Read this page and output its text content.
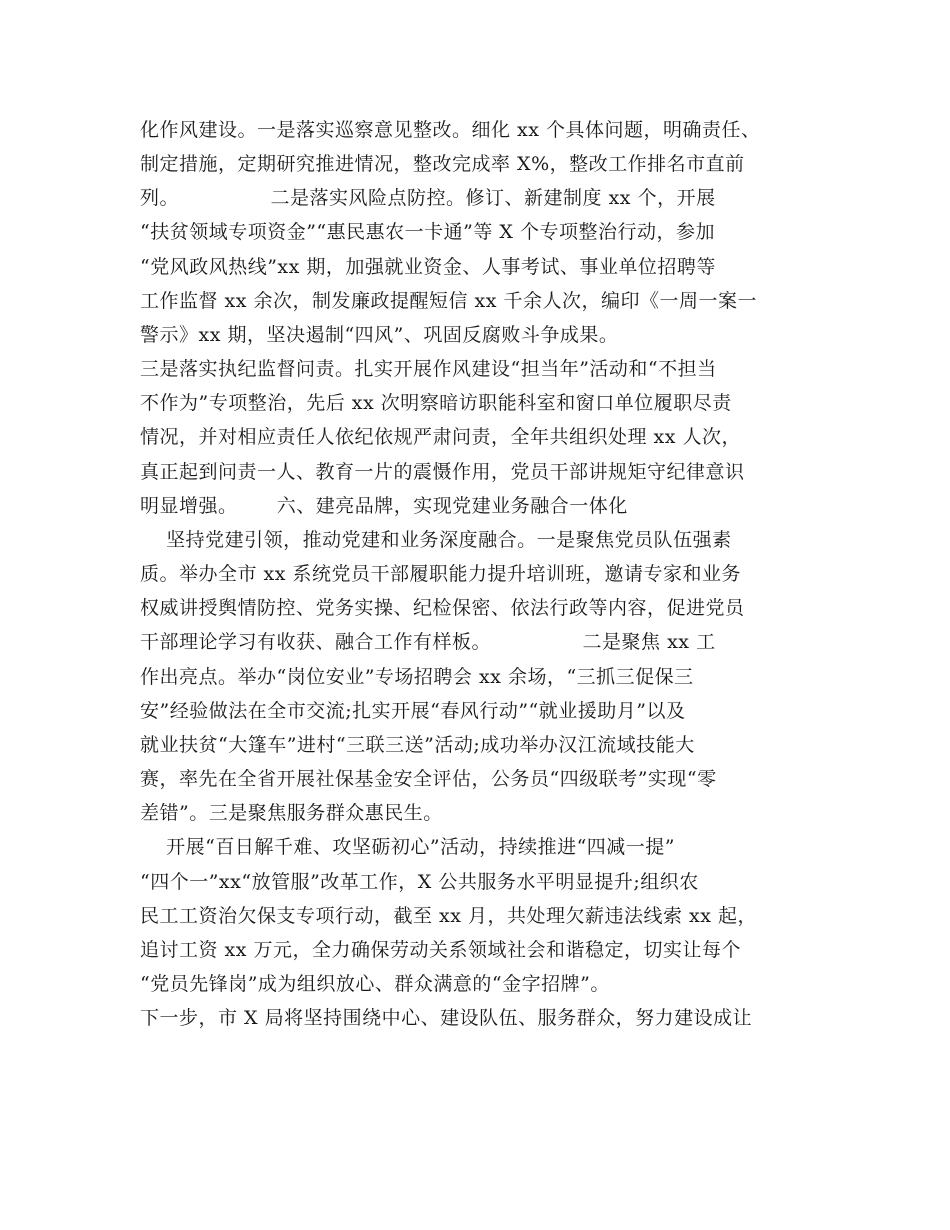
化作风建设。一是落实巡察意见整改。细化 xx 个具体问题，明确责任、
制定措施，定期研究推进情况，整改完成率 X%，整改工作排名市直前
列。              二是落实风险点防控。修订、新建制度 xx 个，开展
“扶贫领域专项资金”“惠民惠农一卡通”等 X 个专项整治行动，参加
“党风政风热线”xx 期，加强就业资金、人事考试、事业单位招聘等
工作监督 xx 余次，制发廉政提醒短信 xx 千余人次，编印《一周一案一
警示》xx 期，坚决遏制“四风”、巩固反腐败斗争成果。
三是落实执纪监督问责。扎实开展作风建设“担当年”活动和“不担当
不作为”专项整治，先后 xx 次明察暗访职能科室和窗口单位履职尽责
情况，并对相应责任人依纪依规严肃问责，全年共组织处理 xx 人次，
真正起到问责一人、教育一片的震慑作用，党员干部讲规矩守纪律意识
明显增强。      六、建亮品牌，实现党建业务融合一体化
坚持党建引领，推动党建和业务深度融合。一是聚焦党员队伍强素
质。举办全市 xx 系统党员干部履职能力提升培训班，邀请专家和业务
权威讲授舆情防控、党务实操、纪检保密、依法行政等内容，促进党员
干部理论学习有收获、融合工作有样板。              二是聚焦 xx 工
作出亮点。举办“岗位安业”专场招聘会 xx 余场，“三抓三促保三
安”经验做法在全市交流;扎实开展“春风行动”“就业援助月”以及
就业扶贫“大篷车”进村“三联三送”活动;成功举办汉江流域技能大
赛，率先在全省开展社保基金安全评估，公务员“四级联考”实现“零
差错”。三是聚焦服务群众惠民生。
开展“百日解千难、攻坚砺初心”活动，持续推进“四减一提”
“四个一”xx“放管服”改革工作，X 公共服务水平明显提升;组织农
民工工资治欠保支专项行动，截至 xx 月，共处理欠薪违法线索 xx 起，
追讨工资 xx 万元，全力确保劳动关系领域社会和谐稳定，切实让每个
“党员先锋岗”成为组织放心、群众满意的“金字招牌”。
下一步，市 X 局将坚持围绕中心、建设队伍、服务群众，努力建设成让
